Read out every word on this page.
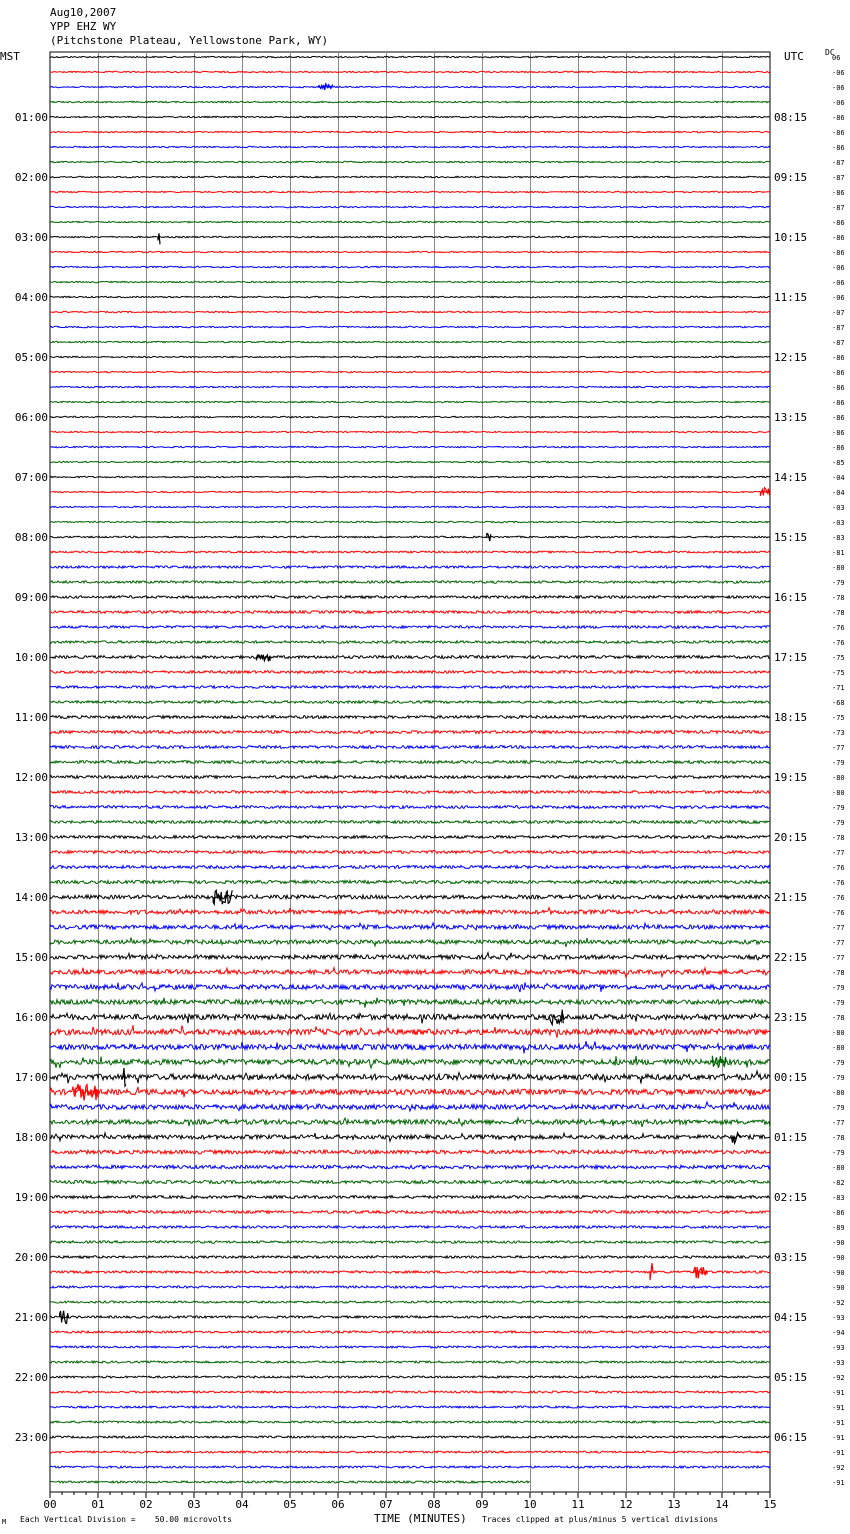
Aug10,2007
YPP EHZ WY
(Pitchstone Plateau, Yellowstone Park, WY)
MST	UTC	DC
01:00
02:00
03:00
04:00
05:00
06:00
07:00
08:00
09:00
10:00
11:00
12:00
13:00
14:00
15:00
16:00
17:00
18:00
19:00
20:00
21:00
22:00
23:00
08:15
09:15
10:15
11:15
12:15
13:15
14:15
15:15
16:15
17:15
18:15
19:15
20:15
21:15
22:15
23:15
00:15
01:15
02:15
03:15
04:15
05:15
06:15
06
-06
-06
-06
-86
-86
-86
-87
-87
-86
-87
-86
-86
-86
-06
-06
-06
-07
-87
-87
-86
-86
-86
-86
-86
-86
-86
-85
-04
-04
-03
-03
-83
-81
-80
-79
-78
-78
-76
-76
-75
-75
-71
-68
-75
-73
-77
-79
-80
-80
-79
-79
-78
-77
-76
-76
-76
-76
-77
-77
-77
-78
-79
-79
-78
-80
-80
-79
-79
-80
-79
-77
-78
-79
-80
-82
-83
-86
-89
-90
-90
-90
-90
-92
-93
-94
-93
-93
-92
-91
-91
-91
-91
-91
-92
-91
00	01	02	03	04	05	06	07	08	09	10	11	12	13	14	15
M Each Vertical Division =    50.00 microvolts	TIME (MINUTES) Traces clipped at plus/minus 5 vertical divisions
